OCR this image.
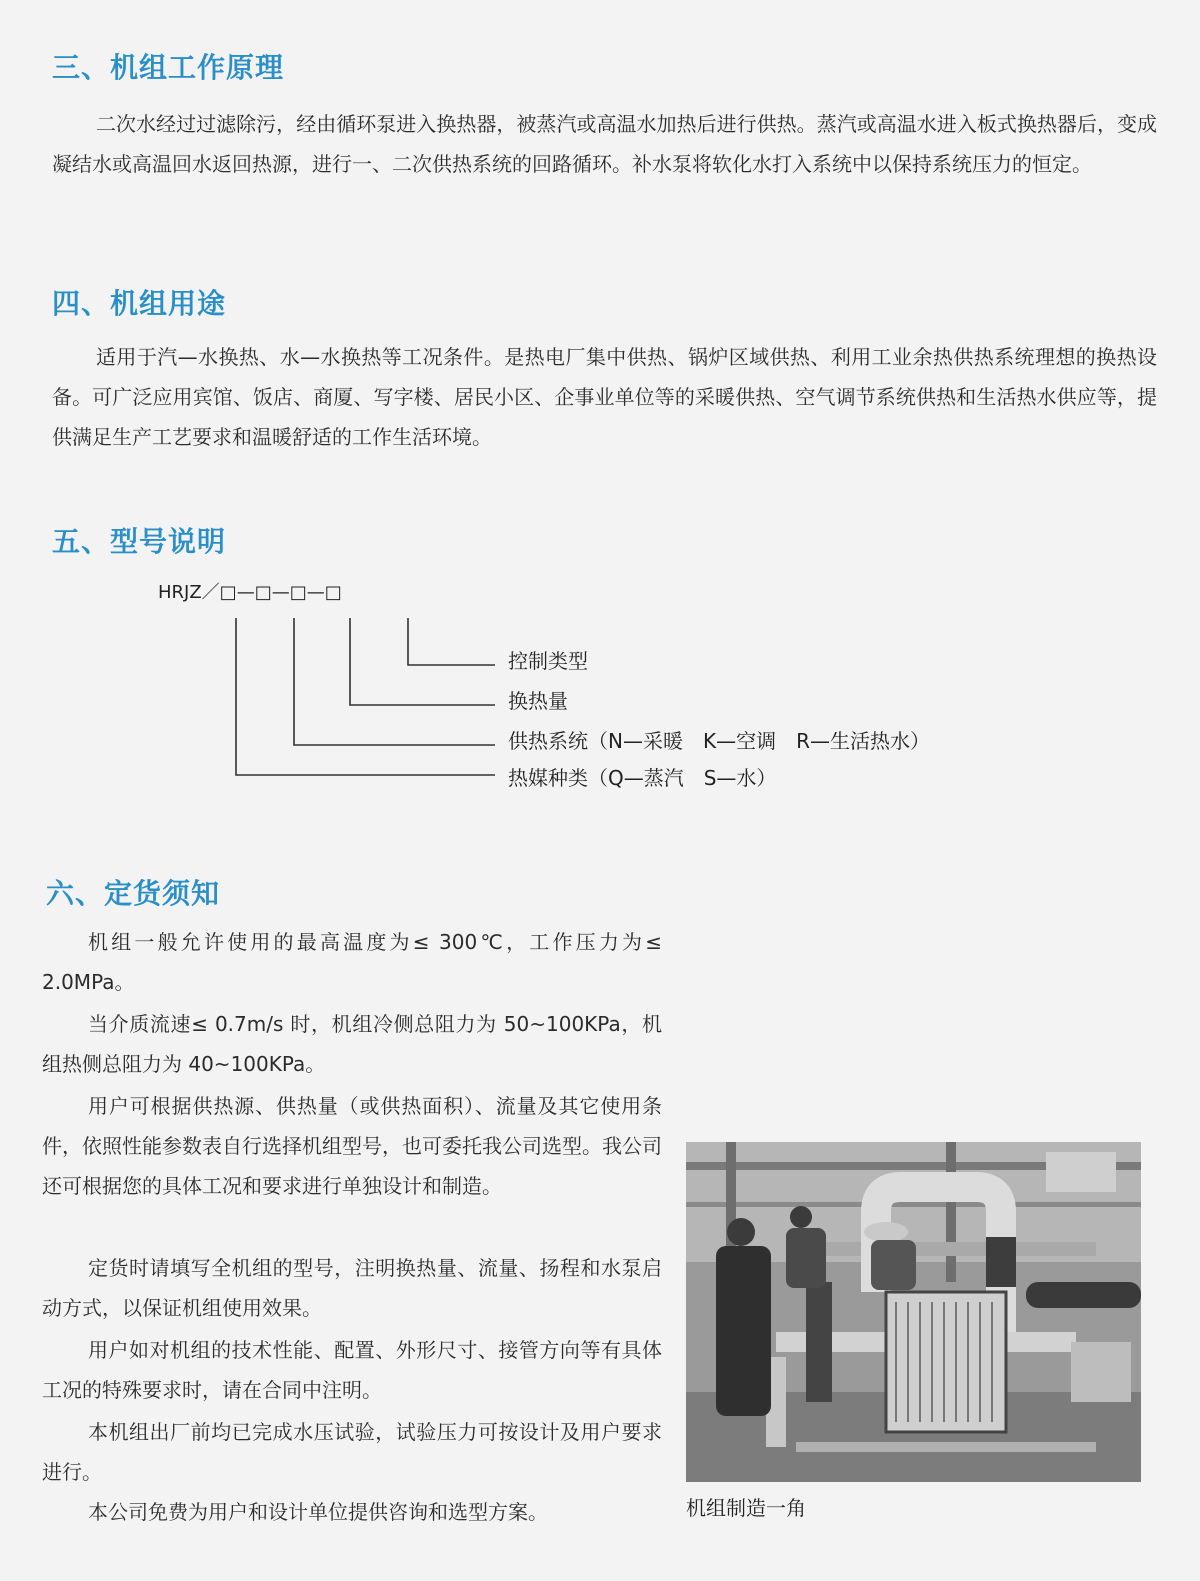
三、机组工作原理

二次水经过过滤除污，经由循环泵进入换热器，被蒸汽或高温水加热后进行供热。蒸汽或高温水进入板式换热器后，变成凝结水或高温回水返回热源，进行一、二次供热系统的回路循环。补水泵将软化水打入系统中以保持系统压力的恒定。

四、机组用途

适用于汽—水换热、水—水换热等工况条件。是热电厂集中供热、锅炉区域供热、利用工业余热供热系统理想的换热设备。可广泛应用宾馆、饭店、商厦、写字楼、居民小区、企事业单位等的采暖供热、空气调节系统供热和生活热水供应等，提供满足生产工艺要求和温暖舒适的工作生活环境。

五、型号说明
HRJZ／□—□—□—□
控制类型
换热量
供热系统（N—采暖　K—空调　R—生活热水）
热媒种类（Q—蒸汽　S—水）
六、定货须知

机组一般允许使用的最高温度为≤ 300℃，工作压力为≤ 2.0MPa。

当介质流速≤ 0.7m/s 时，机组冷侧总阻力为 50~100KPa，机组热侧总阻力为 40~100KPa。

用户可根据供热源、供热量（或供热面积）、流量及其它使用条件，依照性能参数表自行选择机组型号，也可委托我公司选型。我公司还可根据您的具体工况和要求进行单独设计和制造。

定货时请填写全机组的型号，注明换热量、流量、扬程和水泵启动方式，以保证机组使用效果。

用户如对机组的技术性能、配置、外形尺寸、接管方向等有具体工况的特殊要求时，请在合同中注明。

本机组出厂前均已完成水压试验，试验压力可按设计及用户要求进行。

本公司免费为用户和设计单位提供咨询和选型方案。	机组制造一角
